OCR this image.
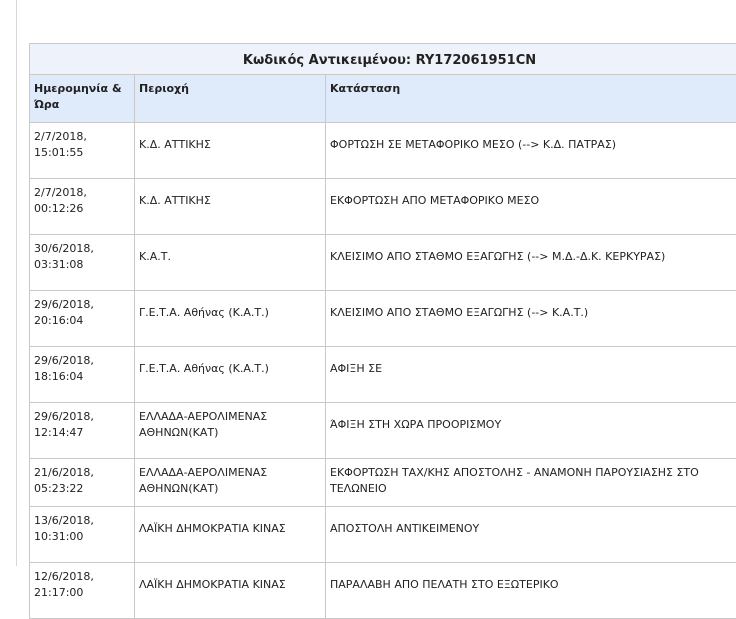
Κωδικός Αντικειμένου: RY172061951CN		

Ημερομηνία &
Ώρα	Περιοχή	Κατάσταση

2/7/2018,
15:01:55	Κ.Δ. ΑΤΤΙΚΗΣ	ΦΟΡΤΩΣΗ ΣΕ ΜΕΤΑΦΟΡΙΚΟ ΜΕΣΟ (--> Κ.Δ. ΠΑΤΡΑΣ)

2/7/2018,
00:12:26	Κ.Δ. ΑΤΤΙΚΗΣ	ΕΚΦΟΡΤΩΣΗ ΑΠΟ ΜΕΤΑΦΟΡΙΚΟ ΜΕΣΟ

30/6/2018,
03:31:08	Κ.Α.Τ.	ΚΛΕΙΣΙΜΟ ΑΠΟ ΣΤΑΘΜΟ ΕΞΑΓΩΓΗΣ (--> Μ.Δ.-Δ.Κ. ΚΕΡΚΥΡΑΣ)

29/6/2018,
20:16:04	Γ.Ε.Τ.Α. Αθήνας (Κ.Α.Τ.)	ΚΛΕΙΣΙΜΟ ΑΠΟ ΣΤΑΘΜΟ ΕΞΑΓΩΓΗΣ (--> Κ.Α.Τ.)

29/6/2018,
18:16:04	Γ.Ε.Τ.Α. Αθήνας (Κ.Α.Τ.)	ΑΦΙΞΗ ΣΕ

29/6/2018,
12:14:47	ΕΛΛΑΔΑ-ΑΕΡΟΛΙΜΕΝΑΣ
ΑΘΗΝΩΝ(ΚΑΤ)	ΆΦΙΞΗ ΣΤΗ ΧΩΡΑ ΠΡΟΟΡΙΣΜΟΥ

21/6/2018,
05:23:22	ΕΛΛΑΔΑ-ΑΕΡΟΛΙΜΕΝΑΣ
ΑΘΗΝΩΝ(ΚΑΤ)	ΕΚΦΟΡΤΩΣΗ ΤΑΧ/ΚΗΣ ΑΠΟΣΤΟΛΗΣ - ΑΝΑΜΟΝΗ ΠΑΡΟΥΣΙΑΣΗΣ ΣΤΟ
ΤΕΛΩΝΕΙΟ

13/6/2018,
10:31:00	ΛΑΪΚΗ ΔΗΜΟΚΡΑΤΙΑ ΚΙΝΑΣ	ΑΠΟΣΤΟΛΗ ΑΝΤΙΚΕΙΜΕΝΟΥ

12/6/2018,
21:17:00	ΛΑΪΚΗ ΔΗΜΟΚΡΑΤΙΑ ΚΙΝΑΣ	ΠΑΡΑΛΑΒΗ ΑΠΟ ΠΕΛΑΤΗ ΣΤΟ ΕΞΩΤΕΡΙΚΟ
